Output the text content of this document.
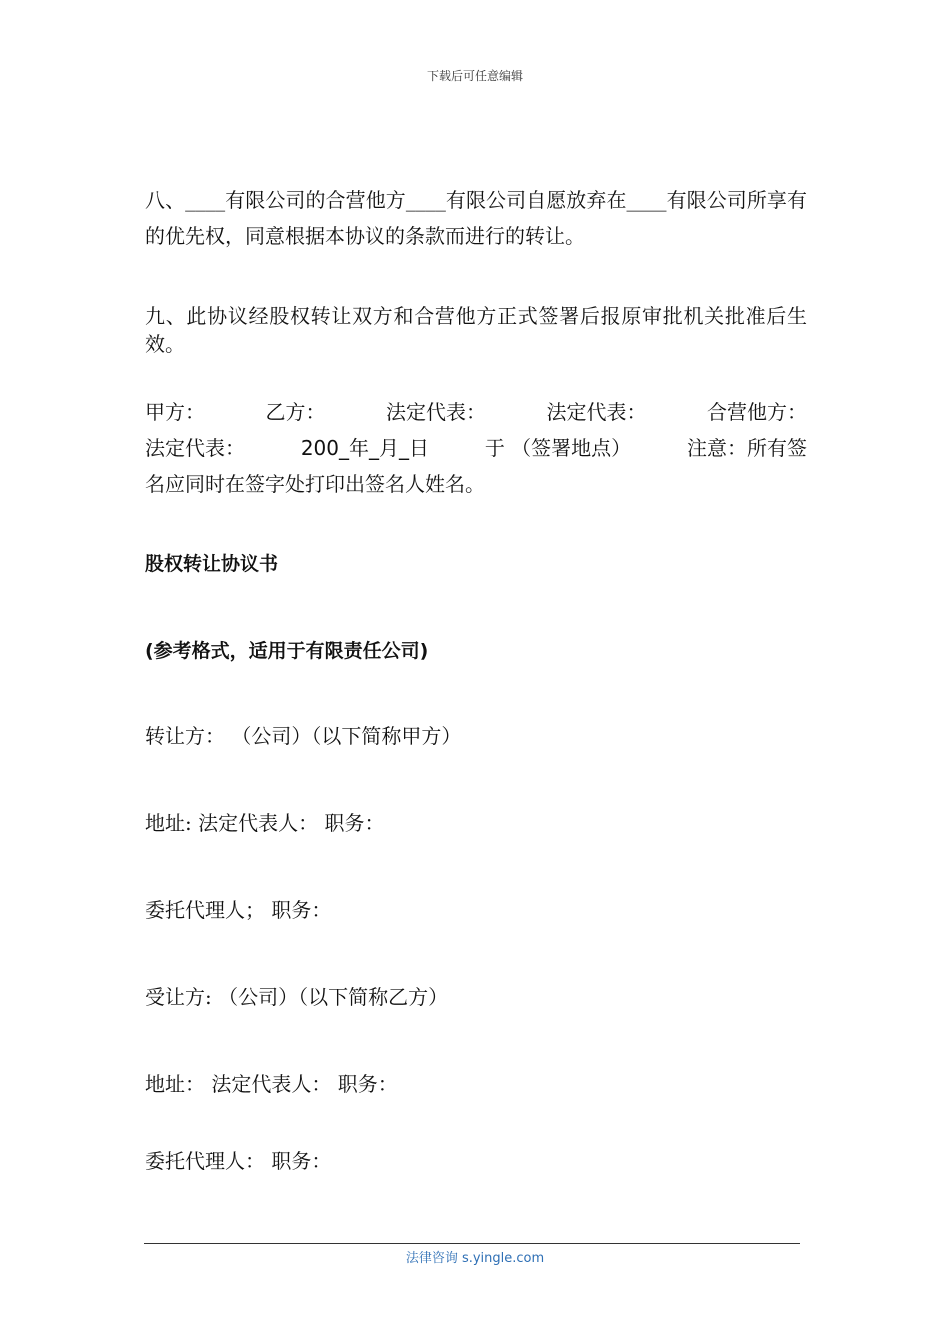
下载后可任意编辑

八、____有限公司的合营他方____有限公司自愿放弃在____有限公司所享有的优先权，同意根据本协议的条款而进行的转让。

九、此协议经股权转让双方和合营他方正式签署后报原审批机关批准后生效。

甲方：	乙方：	法定代表：	法定代表：	合营他方：
法定代表：	200_年_月_日	于 （签署地点）	注意：所有签
名应同时在签字处打印出签名人姓名。
股权转让协议书
(参考格式，适用于有限责任公司)

转让方： （公司）（以下简称甲方）

地址: 法定代表人： 职务：

委托代理人； 职务：

受让方: （公司）（以下简称乙方）

地址： 法定代表人： 职务：

委托代理人： 职务：

法律咨询 s.yingle.com
